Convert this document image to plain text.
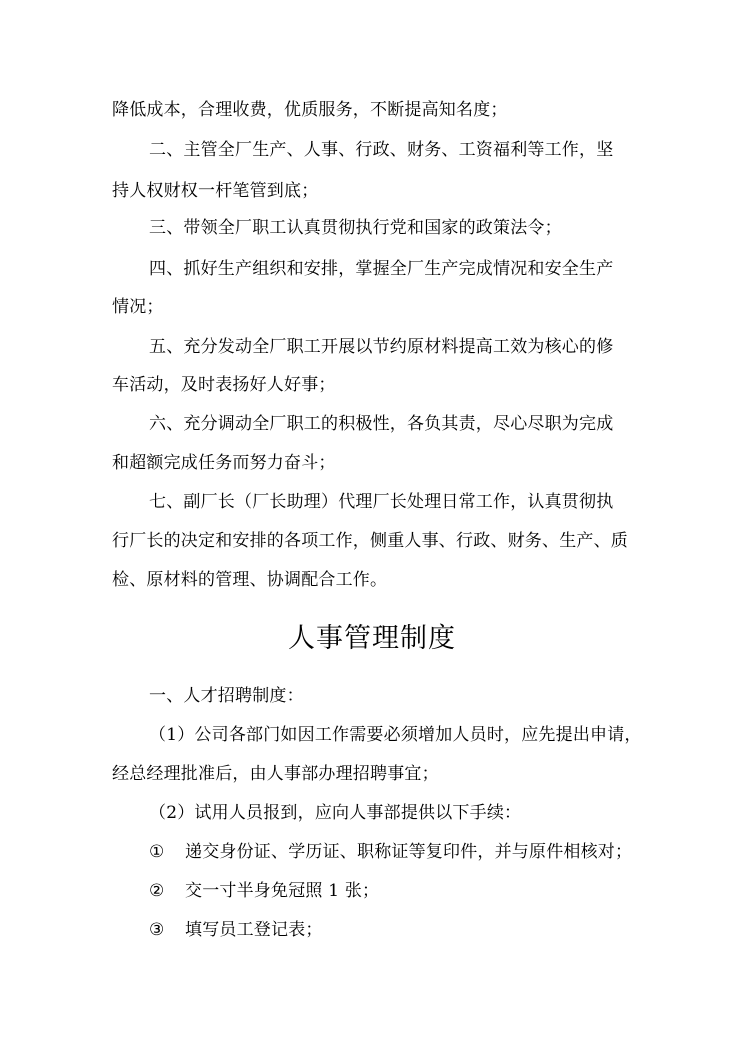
降低成本，合理收费，优质服务，不断提高知名度；
二、主管全厂生产、人事、行政、财务、工资福利等工作，坚
持人权财权一杆笔管到底；
三、带领全厂职工认真贯彻执行党和国家的政策法令；
四、抓好生产组织和安排，掌握全厂生产完成情况和安全生产
情况；
五、充分发动全厂职工开展以节约原材料提高工效为核心的修
车活动，及时表扬好人好事；
六、充分调动全厂职工的积极性，各负其责，尽心尽职为完成
和超额完成任务而努力奋斗；
七、副厂长（厂长助理）代理厂长处理日常工作，认真贯彻执
行厂长的决定和安排的各项工作，侧重人事、行政、财务、生产、质
检、原材料的管理、协调配合工作。
人事管理制度
一、人才招聘制度：
（1）公司各部门如因工作需要必须增加人员时，应先提出申请，
经总经理批准后，由人事部办理招聘事宜；
（2）试用人员报到，应向人事部提供以下手续：
① 递交身份证、学历证、职称证等复印件，并与原件相核对；
② 交一寸半身免冠照 1 张；
③ 填写员工登记表；
